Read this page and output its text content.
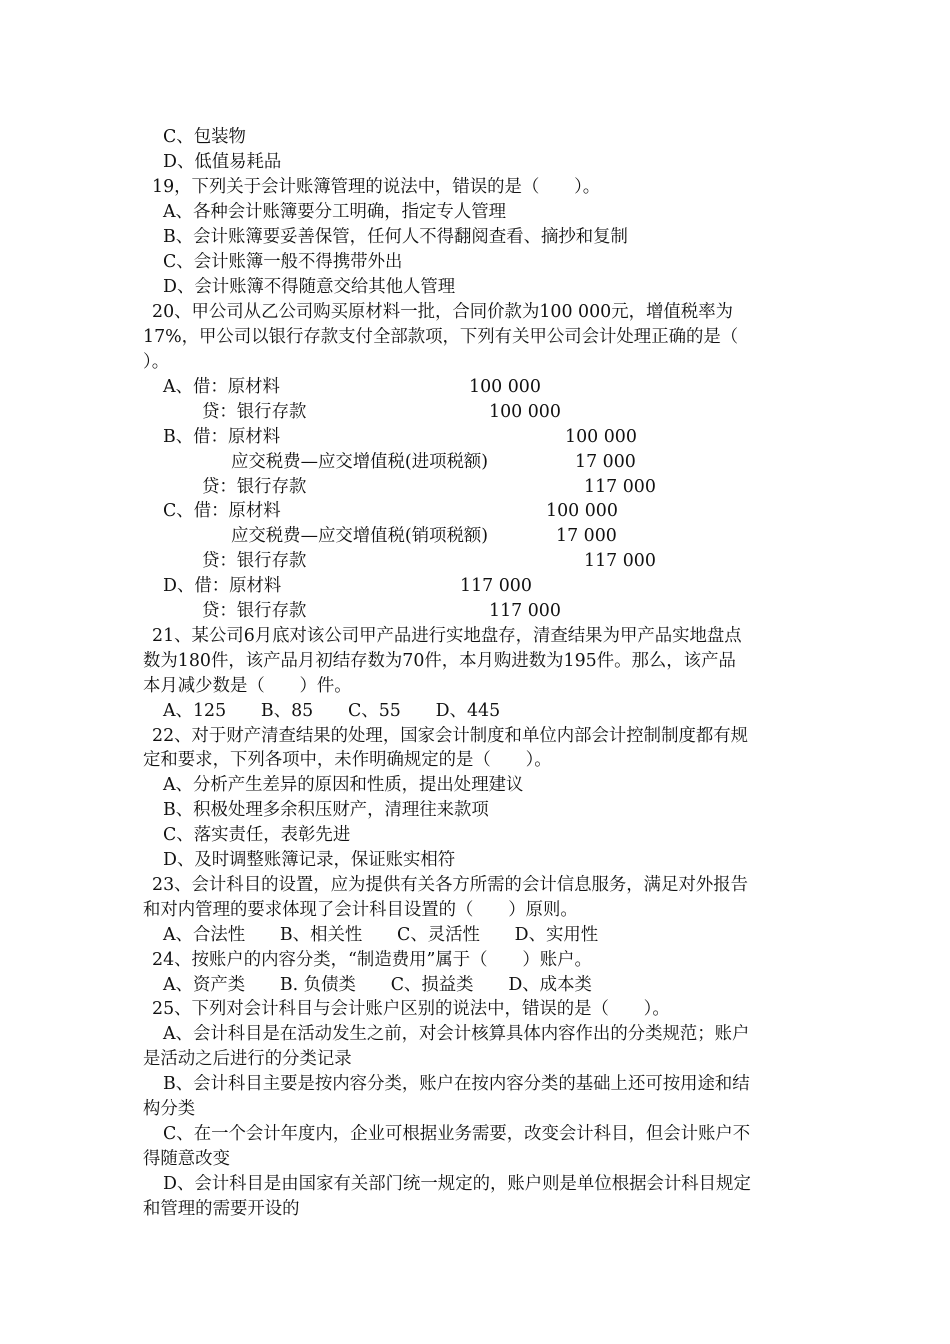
C、包装物
D、低值易耗品
19，下列关于会计账簿管理的说法中，错误的是（　　）。
A、各种会计账簿要分工明确，指定专人管理
B、会计账簿要妥善保管，任何人不得翻阅查看、摘抄和复制
C、会计账簿一般不得携带外出
D、会计账簿不得随意交给其他人管理
20、甲公司从乙公司购买原材料一批，合同价款为100 000元，增值税率为
17%，甲公司以银行存款支付全部款项，下列有关甲公司会计处理正确的是（
）。
A、借：原材料	100 000
贷：银行存款	100 000
B、借：原材料	100 000
应交税费—应交增值税(进项税额)	17 000
贷：银行存款	117 000
C、借：原材料	100 000
应交税费—应交增值税(销项税额)	17 000
贷：银行存款	117 000
D、借：原材料	117 000
贷：银行存款	117 000
21、某公司6月底对该公司甲产品进行实地盘存，清查结果为甲产品实地盘点
数为180件，该产品月初结存数为70件，本月购进数为195件。那么，该产品
本月减少数是（　　）件。
A、125　　B、85　　C、55　　D、445
22、对于财产清查结果的处理，国家会计制度和单位内部会计控制制度都有规
定和要求，下列各项中，未作明确规定的是（　　）。
A、分析产生差异的原因和性质，提出处理建议
B、积极处理多余积压财产，清理往来款项
C、落实责任，表彰先进
D、及时调整账簿记录，保证账实相符
23、会计科目的设置，应为提供有关各方所需的会计信息服务，满足对外报告
和对内管理的要求体现了会计科目设置的（　　）原则。
A、合法性　　B、相关性　　C、灵活性　　D、实用性
24、按账户的内容分类，“制造费用”属于（　　）账户。
A、资产类　　B. 负债类　　C、损益类　　D、成本类
25、下列对会计科目与会计账户区别的说法中，错误的是（　　）。
A、会计科目是在活动发生之前，对会计核算具体内容作出的分类规范；账户
是活动之后进行的分类记录
B、会计科目主要是按内容分类，账户在按内容分类的基础上还可按用途和结
构分类
C、在一个会计年度内，企业可根据业务需要，改变会计科目，但会计账户不
得随意改变
D、会计科目是由国家有关部门统一规定的，账户则是单位根据会计科目规定
和管理的需要开设的
